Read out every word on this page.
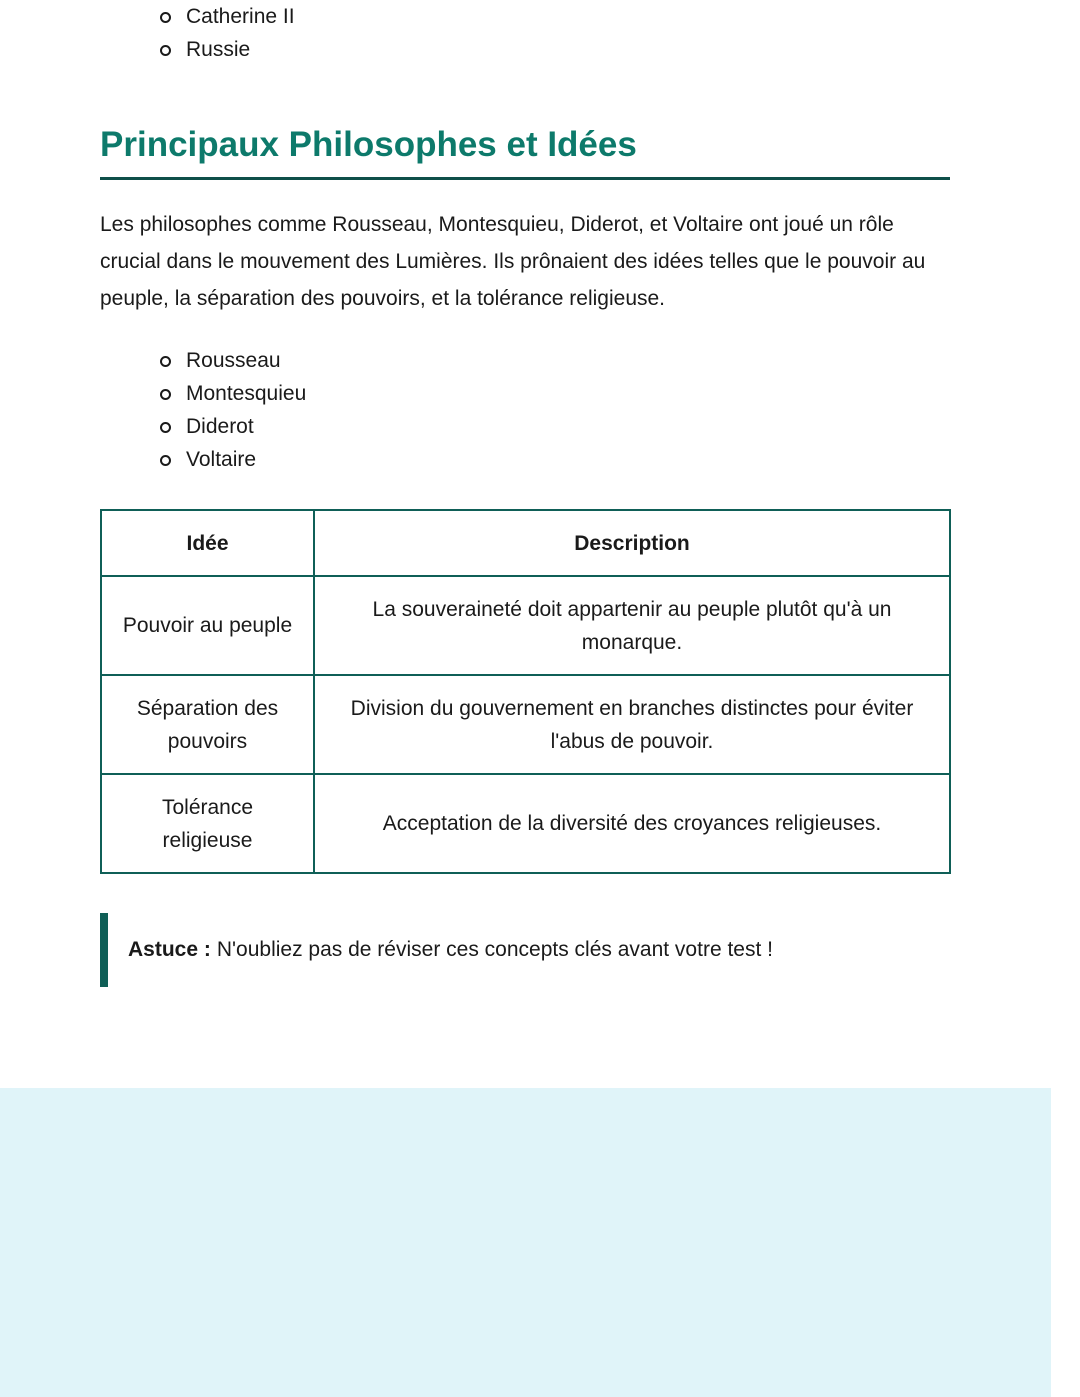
Catherine II
Russie
Principaux Philosophes et Idées

Les philosophes comme Rousseau, Montesquieu, Diderot, et Voltaire ont joué un rôle crucial dans le mouvement des Lumières. Ils prônaient des idées telles que le pouvoir au peuple, la séparation des pouvoirs, et la tolérance religieuse.

Rousseau
Montesquieu
Diderot
Voltaire
Idée	Description
Pouvoir au peuple	La souveraineté doit appartenir au peuple plutôt qu'à un monarque.
Séparation des pouvoirs	Division du gouvernement en branches distinctes pour éviter l'abus de pouvoir.
Tolérance religieuse	Acceptation de la diversité des croyances religieuses.
Astuce : N'oubliez pas de réviser ces concepts clés avant votre test !
